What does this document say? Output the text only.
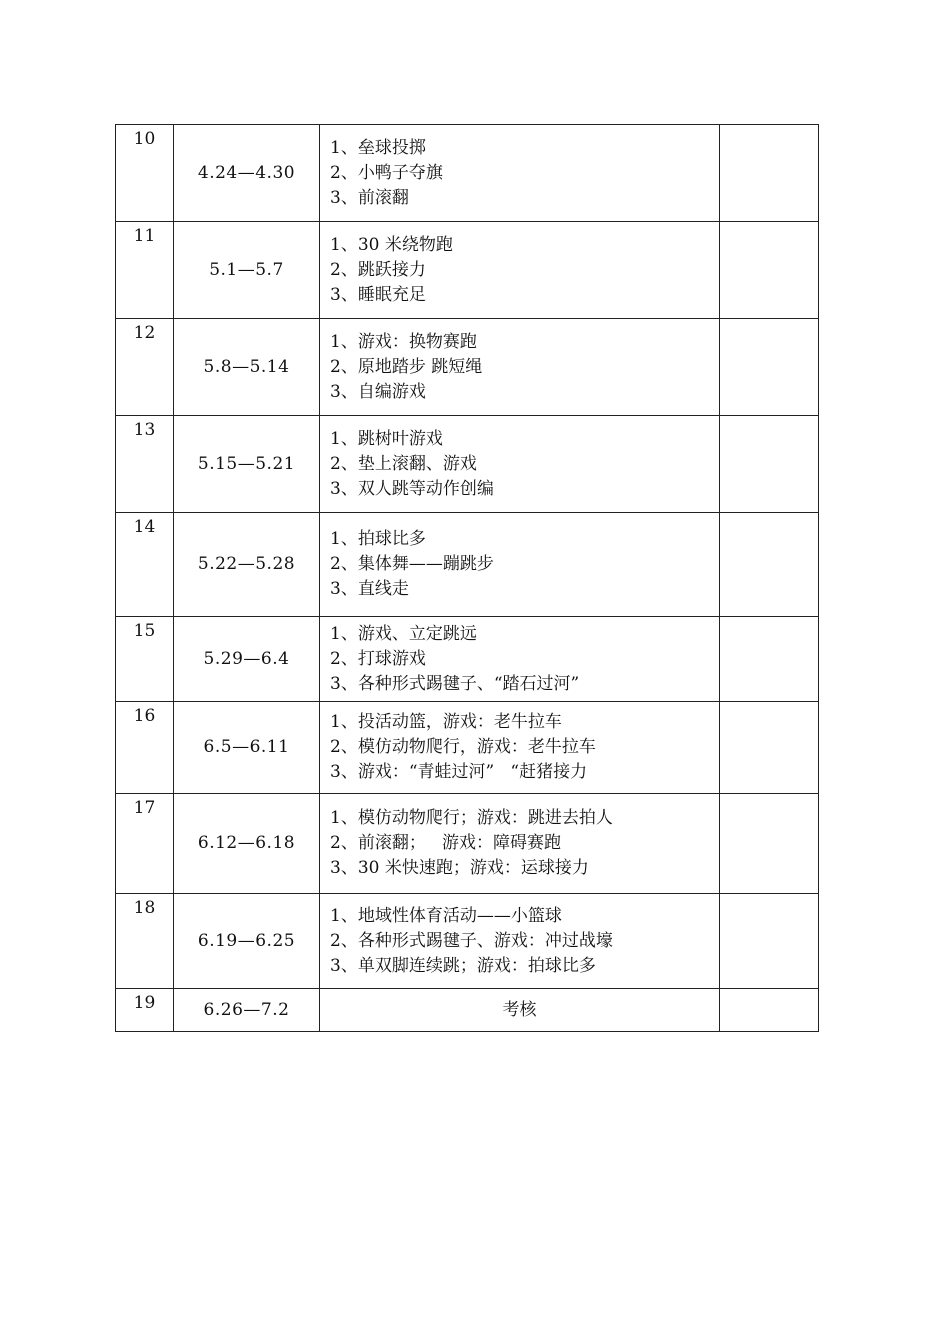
10	4.24—4.30	1、垒球投掷
2、小鸭子夺旗
3、前滚翻	

11	5.1—5.7	1、30 米绕物跑
2、跳跃接力
3、睡眠充足	

12	5.8—5.14	1、游戏：换物赛跑
2、原地踏步 跳短绳
3、自编游戏	

13	5.15—5.21	1、跳树叶游戏
2、垫上滚翻、游戏
3、双人跳等动作创编	

14	5.22—5.28	1、拍球比多
2、集体舞——蹦跳步
3、直线走	

15	5.29—6.4	1、游戏、立定跳远
2、打球游戏
3、各种形式踢毽子、“踏石过河”	

16	6.5—6.11	1、投活动篮，游戏：老牛拉车
2、模仿动物爬行，游戏：老牛拉车
3、游戏：“青蛙过河”   “赶猪接力	

17	6.12—6.18	1、模仿动物爬行；游戏：跳进去拍人
2、前滚翻；   游戏：障碍赛跑
3、30 米快速跑；游戏：运球接力	

18	6.19—6.25	1、地域性体育活动——小篮球
2、各种形式踢毽子、游戏：冲过战壕
3、单双脚连续跳；游戏：拍球比多	

19	6.26—7.2	考核	
